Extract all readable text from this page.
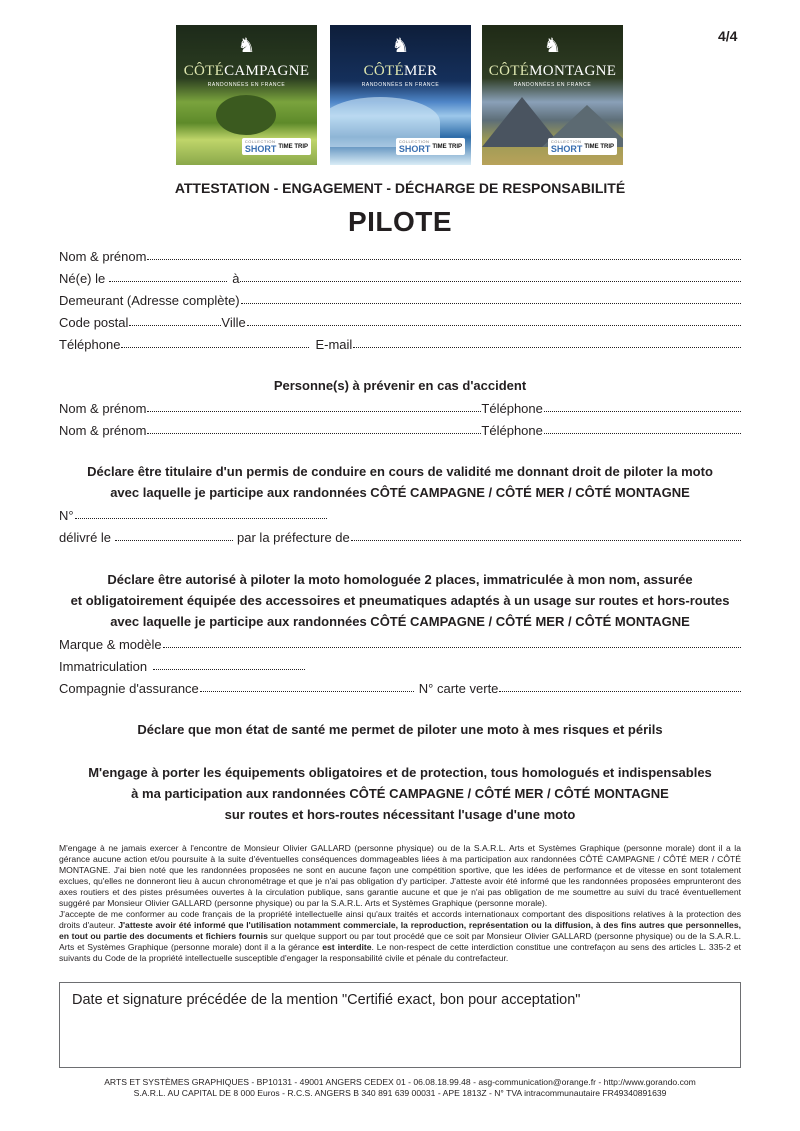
4/4
♞
CÔTÉCAMPAGNE
RANDONNÉES EN FRANCE
COLLECTION
SHORT TIME TRIP
♞
CÔTÉMER
RANDONNÉES EN FRANCE
COLLECTION
SHORT TIME TRIP
♞
CÔTÉMONTAGNE
RANDONNÉES EN FRANCE
COLLECTION
SHORT TIME TRIP
ATTESTATION - ENGAGEMENT - DÉCHARGE DE RESPONSABILITÉ
PILOTE
Nom & prénom
Né(e) le	à
Demeurant (Adresse complète)
Code postal	Ville
Téléphone	E-mail
Personne(s) à prévenir en cas d'accident
Nom & prénom	Téléphone
Nom & prénom	Téléphone
Déclare être titulaire d'un permis de conduire en cours de validité me donnant droit de piloter la moto
avec laquelle je participe aux randonnées CÔTÉ CAMPAGNE / CÔTÉ MER / CÔTÉ MONTAGNE
N°
délivré le	par la préfecture de
Déclare être autorisé à piloter la moto homologuée 2 places, immatriculée à mon nom, assurée
et obligatoirement équipée des accessoires et pneumatiques adaptés à un usage sur routes et hors-routes
avec laquelle je participe aux randonnées CÔTÉ CAMPAGNE / CÔTÉ MER / CÔTÉ MONTAGNE
Marque & modèle
Immatriculation
Compagnie d'assurance	N° carte verte
Déclare que mon état de santé me permet de piloter une moto à mes risques et périls
M'engage à porter les équipements obligatoires et de protection, tous homologués et indispensables
à ma participation aux randonnées CÔTÉ CAMPAGNE / CÔTÉ MER / CÔTÉ MONTAGNE
sur routes et hors-routes nécessitant l'usage d'une moto

M'engage à ne jamais exercer à l'encontre de Monsieur Olivier GALLARD (personne physique) ou de la S.A.R.L. Arts et Systèmes Graphique (personne morale) dont il a la gérance aucune action et/ou poursuite à la suite d'éventuelles conséquences dommageables liées à ma participation aux randonnées CÔTÉ CAMPAGNE / CÔTÉ MER / CÔTÉ MONTAGNE. J'ai bien noté que les randonnées proposées ne sont en aucune façon une compétition sportive, que les idées de performance et de vitesse en sont totalement exclues, qu'elles ne donneront lieu à aucun chronométrage et que je n'ai pas obligation d'y participer. J'atteste avoir été informé que les randonnées proposées emprunteront des axes routiers et des pistes présumées ouvertes à la circulation publique, sans garantie aucune et que je n'ai pas obligation de me soumettre au suivi du tracé éventuellement suggéré par Monsieur Olivier GALLARD (personne physique) ou par la S.A.R.L. Arts et Systèmes Graphique (personne morale).

J'accepte de me conformer au code français de la propriété intellectuelle ainsi qu'aux traités et accords internationaux comportant des dispositions relatives à la protection des droits d'auteur. J'atteste avoir été informé que l'utilisation notamment commerciale, la reproduction, représentation ou la diffusion, à des fins autres que personnelles, en tout ou partie des documents et fichiers fournis sur quelque support ou par tout procédé que ce soit par Monsieur Olivier GALLARD (personne physique) ou de la S.A.R.L. Arts et Systèmes Graphique (personne morale) dont il a la gérance est interdite. Le non-respect de cette interdiction constitue une contrefaçon au sens des articles L. 335-2 et suivants du Code de la propriété intellectuelle susceptible d'engager la responsabilité civile et pénale du contrefacteur.

Date et signature précédée de la mention "Certifié exact, bon pour acceptation"
ARTS ET SYSTÈMES GRAPHIQUES - BP10131 - 49001 ANGERS CEDEX 01 - 06.08.18.99.48 - asg-communication@orange.fr - http://www.gorando.com
S.A.R.L. AU CAPITAL DE 8 000 Euros - R.C.S. ANGERS B 340 891 639 00031 - APE 1813Z - N° TVA intracommunautaire FR49340891639
